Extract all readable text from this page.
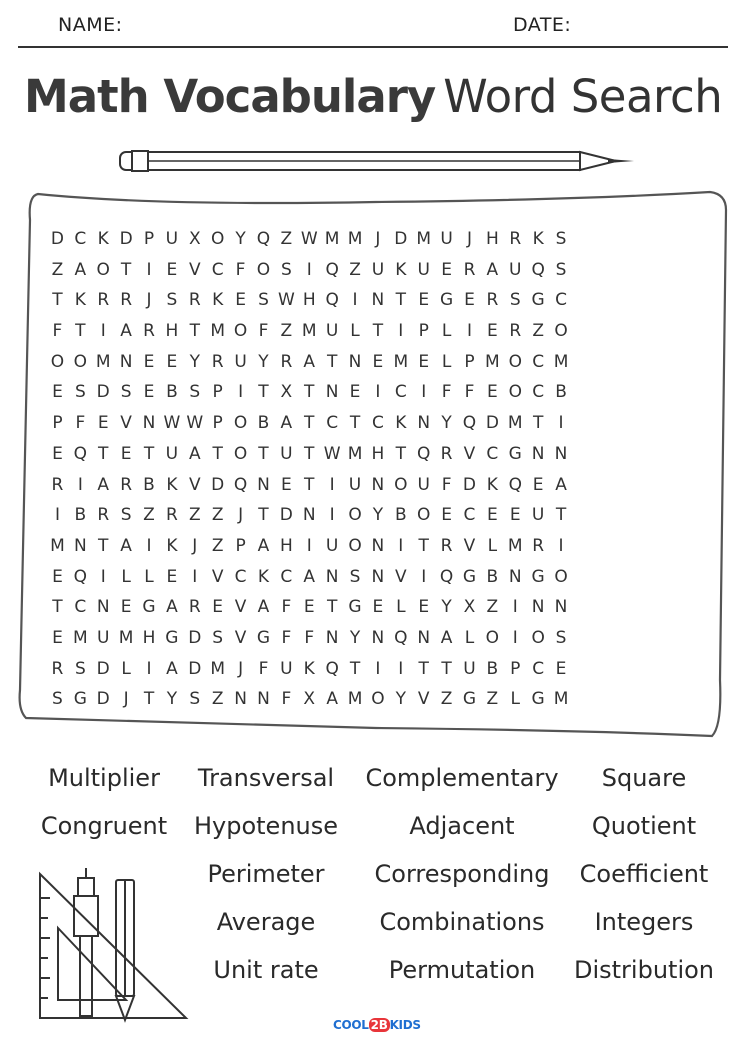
NAME:	DATE:
Math Vocabulary Word Search
D C K D P U X O Y Q Z W M M J D M U J H R K S
Z A O T I E V C F O S I Q Z U K U E R A U Q S
T K R R J S R K E S W H Q I N T E G E R S G C
F T I A R H T M O F Z M U L T I P L I E R Z O
O O M N E E Y R U Y R A T N E M E L P M O C M
E S D S E B S P I T X T N E I C I F F E O C B
P F E V N W W P O B A T C T C K N Y Q D M T I
E Q T E T U A T O T U T W M H T Q R V C G N N
R I A R B K V D Q N E T I U N O U F D K Q E A
I B R S Z R Z Z J T D N I O Y B O E C E E U T
M N T A I K J Z P A H I U O N I T R V L M R I
E Q I L L E I V C K C A N S N V I Q G B N G O
T C N E G A R E V A F E T G E L E Y X Z I N N
E M U M H G D S V G F F N Y N Q N A L O I O S
R S D L I A D M J F U K Q T I	I T T U B P C E
S G D J T Y S Z N N F X A M O Y V Z G Z L G M
Multiplier Transversal Complementary Square
Congruent Hypotenuse	Adjacent	Quotient
Perimeter Corresponding Coefficient
Average	Combinations Integers
Unit rate	Permutation Distribution
COOL 2B KIDS
